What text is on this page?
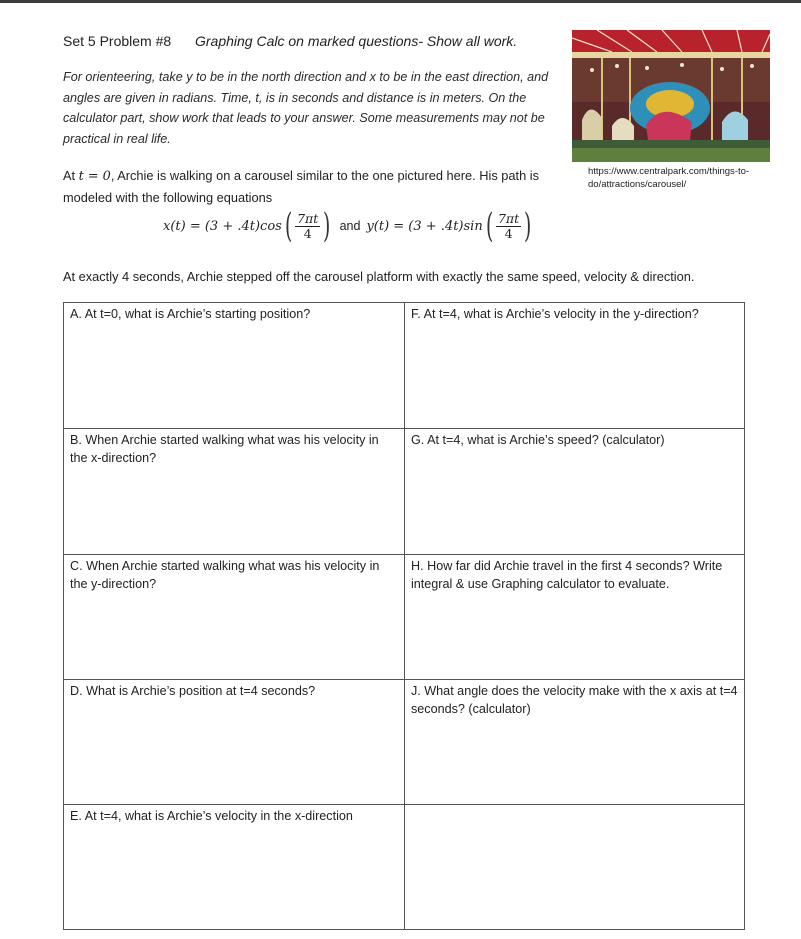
Set 5 Problem #8 Graphing Calc on marked questions- Show all work.
For orienteering, take y to be in the north direction and x to be in the east direction, and angles are given in radians. Time, t, is in seconds and distance is in meters. On the calculator part, show work that leads to your answer. Some measurements may not be practical in real life.
https://www.centralpark.com/things-to-do/attractions/carousel/
At t = 0, Archie is walking on a carousel similar to the one pictured here. His path is modeled with the following equations
x(t) = (3 + .4t)cos ( $\frac{7\pi t}{4}$ ) and y(t) = (3 + .4t)sin ( $\frac{7\pi t}{4}$ )
At exactly 4 seconds, Archie stepped off the carousel platform with exactly the same speed, velocity & direction.
A. At t=0, what is Archie’s starting position?	F. At t=4, what is Archie’s velocity in the y-direction?
B. When Archie started walking what was his velocity in the x-direction?
G. At t=4, what is Archie’s speed? (calculator)
C. When Archie started walking what was his velocity in the y-direction?
H. How far did Archie travel in the first 4 seconds? Write integral & use Graphing calculator to evaluate.
D. What is Archie’s position at t=4 seconds?	J. What angle does the velocity make with the x axis at t=4 seconds? (calculator)
E. At t=4, what is Archie’s velocity in the x-direction
